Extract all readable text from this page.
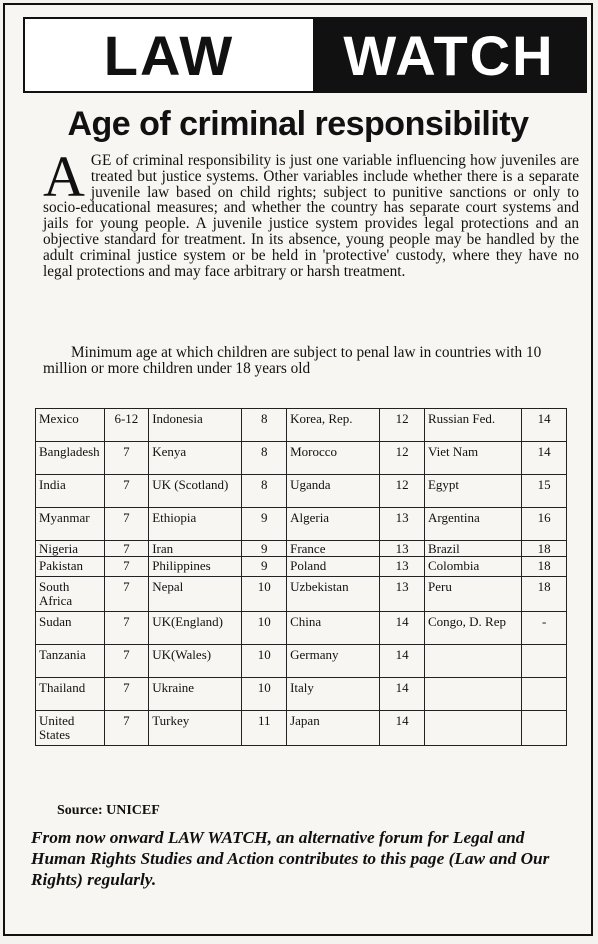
LAW	WATCH
Age of criminal responsibility
A GE of criminal responsibility is just one variable influencing how juveniles are treated but justice systems. Other variables include whether there is a separate juvenile law based on child rights; subject to punitive sanctions or only to socio-educational measures; and whether the country has separate court systems and jails for young people. A juvenile justice system provides legal protections and an objective standard for treatment. In its absence, young people may be handled by the adult criminal justice system or be held in 'protective' custody, where they have no legal protections and may face arbitrary or harsh treatment.

Minimum age at which children are subject to penal law in countries with 10 million or more children under 18 years old
Mexico	6-12	Indonesia	8	Korea, Rep.	12	Russian Fed.	14
Bangladesh	7	Kenya	8	Morocco	12	Viet Nam	14
India	7	UK (Scotland)	8	Uganda	12	Egypt	15
Myanmar	7	Ethiopia	9	Algeria	13	Argentina	16
Nigeria	7	Iran	9	France	13	Brazil	18
Pakistan	7	Philippines	9	Poland	13	Colombia	18
South Africa	7	Nepal	10	Uzbekistan	13	Peru	18
Sudan	7	UK(England)	10	China	14	Congo, D. Rep	-
Tanzania	7	UK(Wales)	10	Germany	14		
Thailand	7	Ukraine	10	Italy	14		
United States	7	Turkey	11	Japan	14		
Source: UNICEF
From now onward LAW WATCH, an alternative forum for Legal and Human Rights Studies and Action contributes to this page (Law and Our Rights) regularly.
